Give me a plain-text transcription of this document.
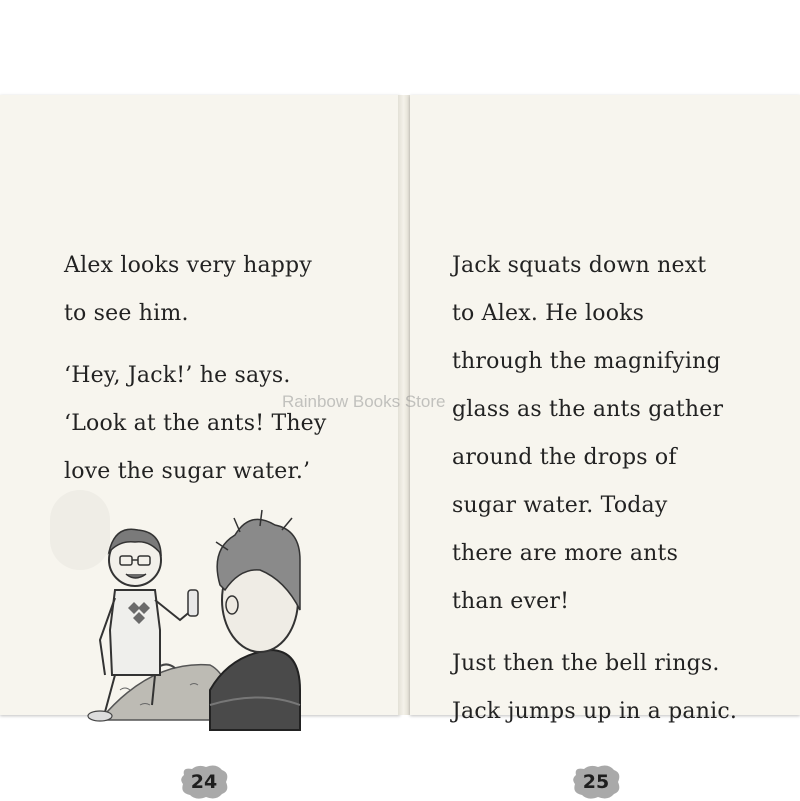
Alex looks very happy
to see him.
‘Hey, Jack!’ he says.
‘Look at the ants! They
love the sugar water.’
24
Jack squats down next
to Alex. He looks
through the magnifying
glass as the ants gather
around the drops of
sugar water. Today
there are more ants
than ever!
Just then the bell rings.
Jack jumps up in a panic.
25
Rainbow Books Store
